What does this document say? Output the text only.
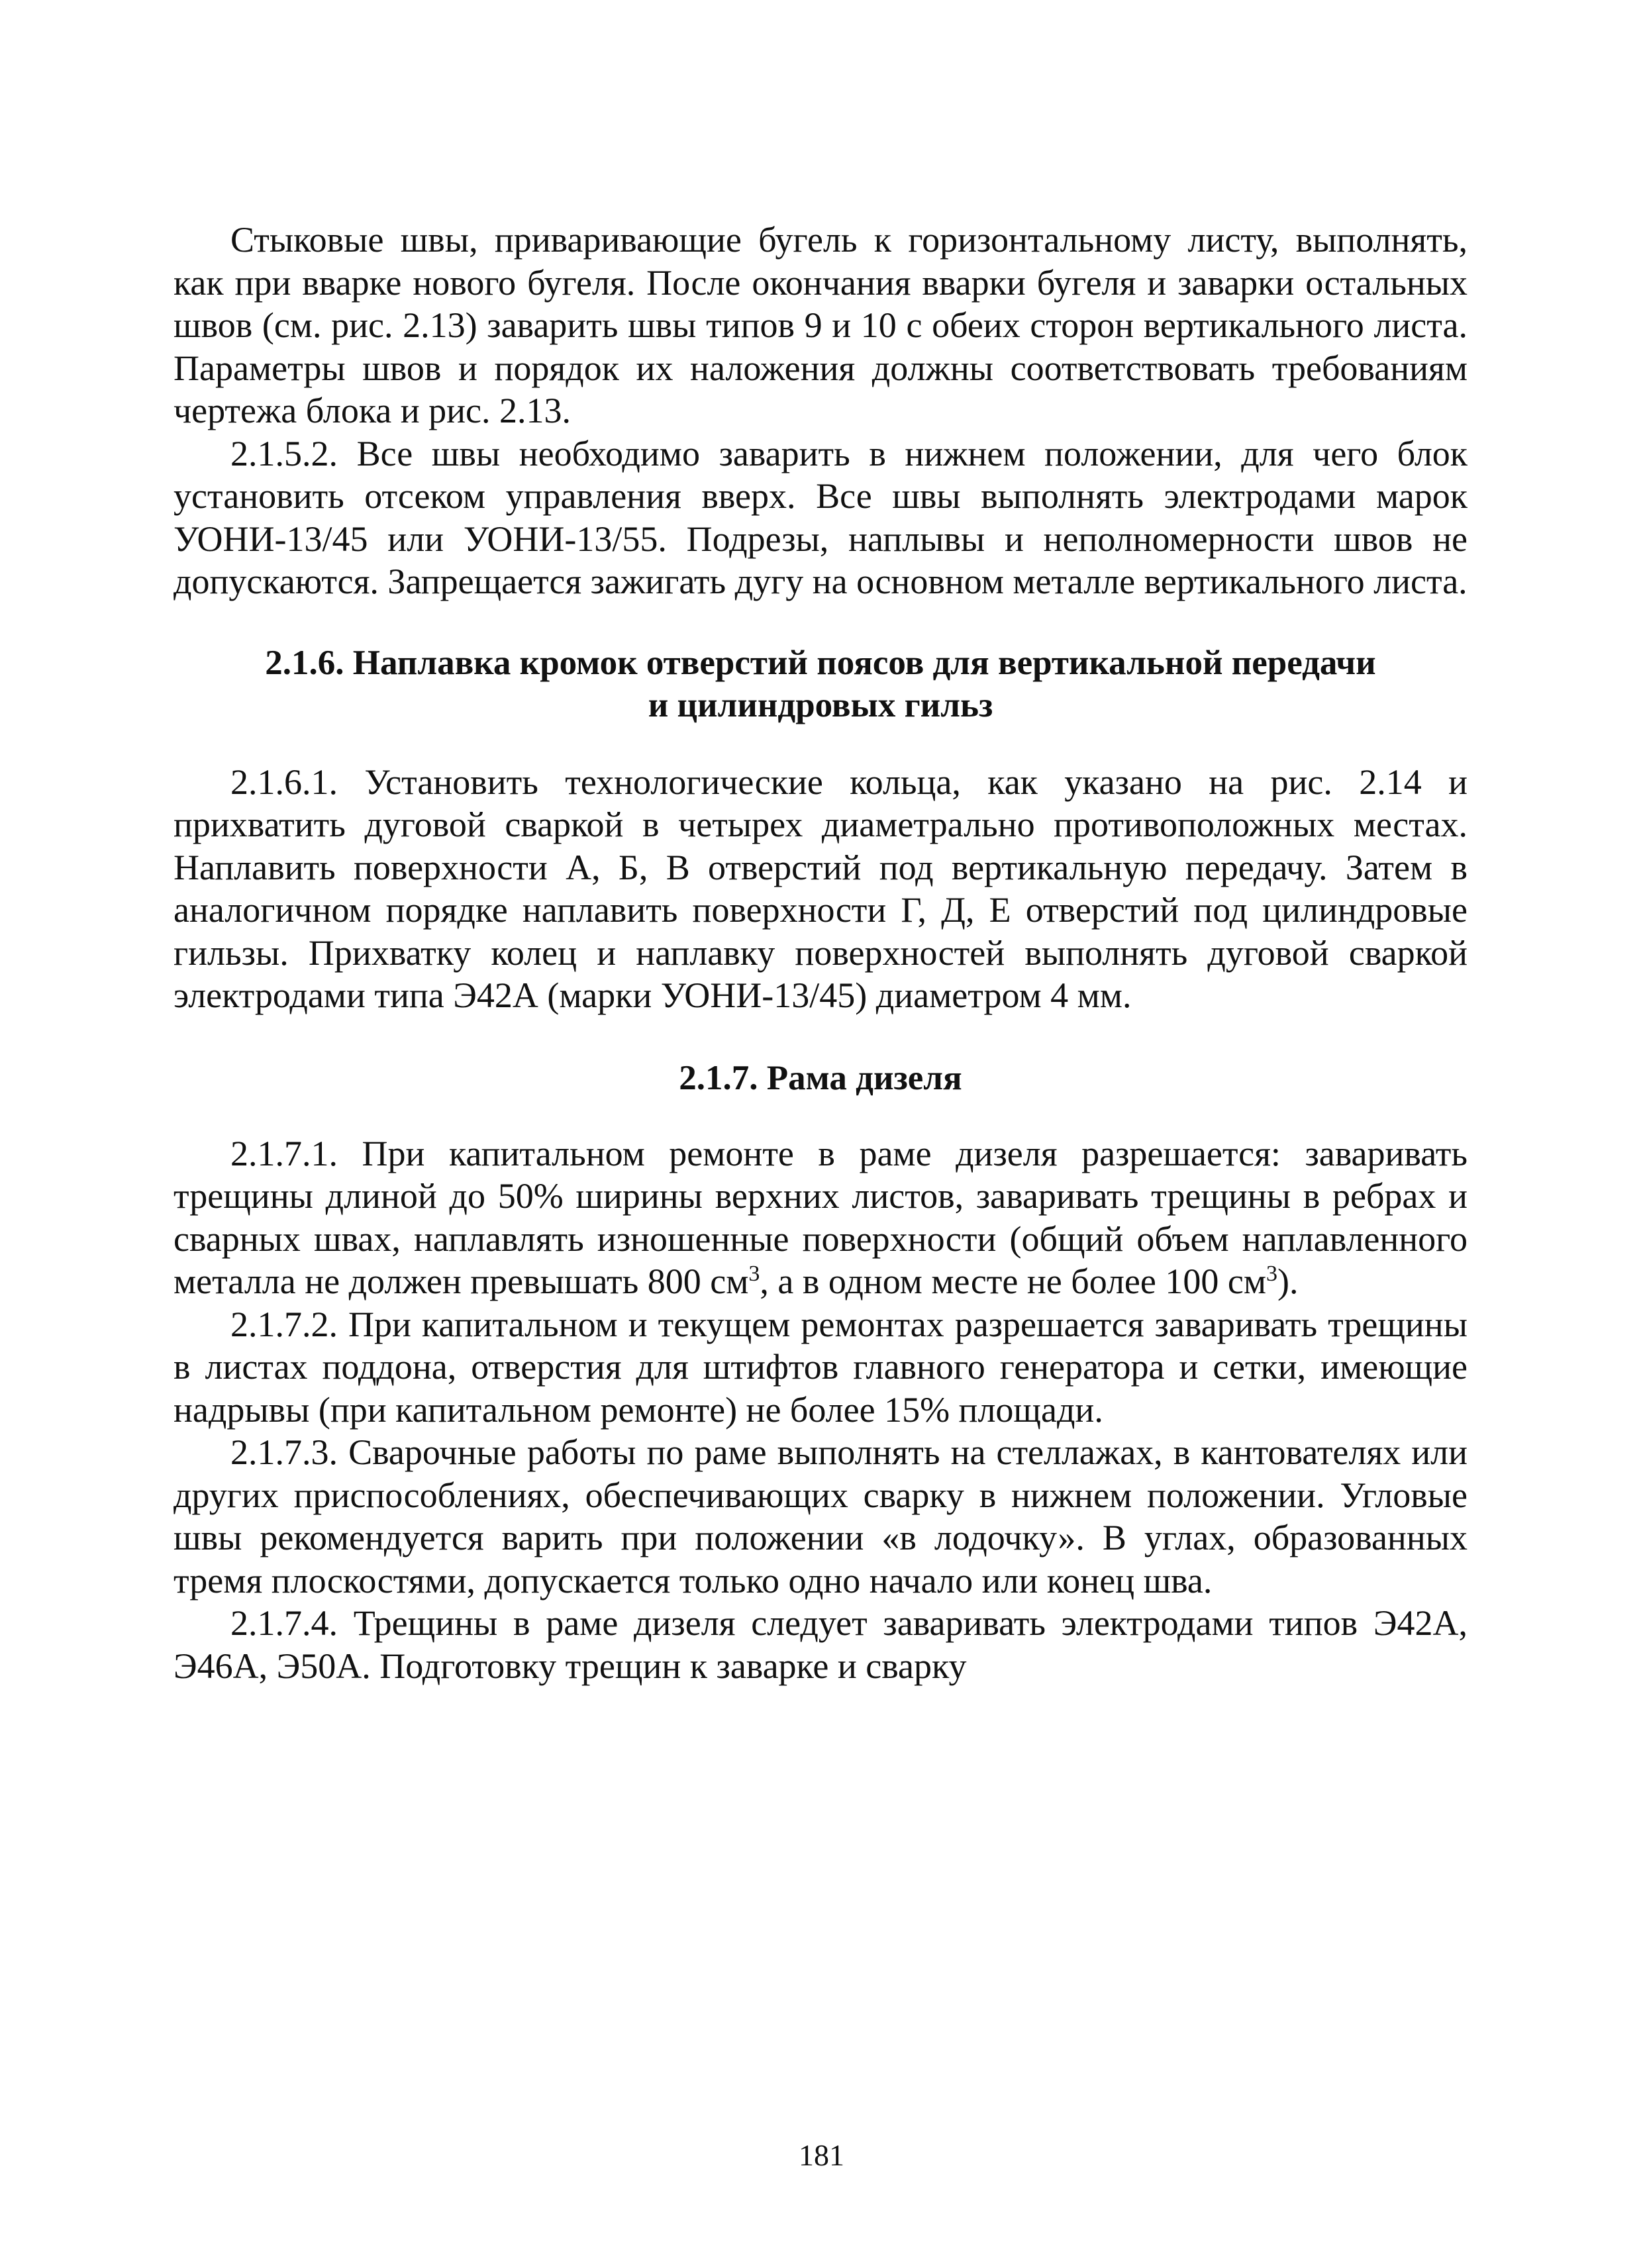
Стыковые швы, приваривающие бугель к горизонтальному листу, выполнять, как при вварке нового бугеля. После окончания вварки бугеля и заварки остальных швов (см. рис. 2.13) заварить швы типов 9 и 10 с обеих сторон вертикального листа. Параметры швов и порядок их наложения должны соответствовать требованиям чертежа блока и рис. 2.13.

2.1.5.2. Все швы необходимо заварить в нижнем положении, для чего блок установить отсеком управления вверх. Все швы выполнять электродами марок УОНИ-13/45 или УОНИ-13/55. Подрезы, наплывы и неполномерности швов не допускаются. Запрещается зажигать дугу на основном металле вертикального листа.

2.1.6. Наплавка кромок отверстий поясов для вертикальной передачи
и цилиндровых гильз

2.1.6.1. Установить технологические кольца, как указано на рис. 2.14 и прихватить дуговой сваркой в четырех диаметрально противоположных местах. Наплавить поверхности А, Б, В отверстий под вертикальную передачу. Затем в аналогичном порядке наплавить поверхности Г, Д, Е отверстий под цилиндровые гильзы. Прихватку колец и наплавку поверхностей выполнять дуговой сваркой электродами типа Э42А (марки УОНИ-13/45) диаметром 4 мм.

2.1.7. Рама дизеля

2.1.7.1. При капитальном ремонте в раме дизеля разрешается: заваривать трещины длиной до 50% ширины верхних листов, заваривать трещины в ребрах и сварных швах, наплавлять изношенные поверхности (общий объем наплавленного металла не должен превышать 800 $см^3$, а в одном месте не более 100 $см^3$).

2.1.7.2. При капитальном и текущем ремонтах разрешается заваривать трещины в листах поддона, отверстия для штифтов главного генератора и сетки, имеющие надрывы (при капитальном ремонте) не более 15% площади.

2.1.7.3. Сварочные работы по раме выполнять на стеллажах, в кантователях или других приспособлениях, обеспечивающих сварку в нижнем положении. Угловые швы рекомендуется варить при положении «в лодочку». В углах, образованных тремя плоскостями, допускается только одно начало или конец шва.

2.1.7.4. Трещины в раме дизеля следует заваривать электродами типов Э42А, Э46А, Э50А. Подготовку трещин к заварке и сварку

181
